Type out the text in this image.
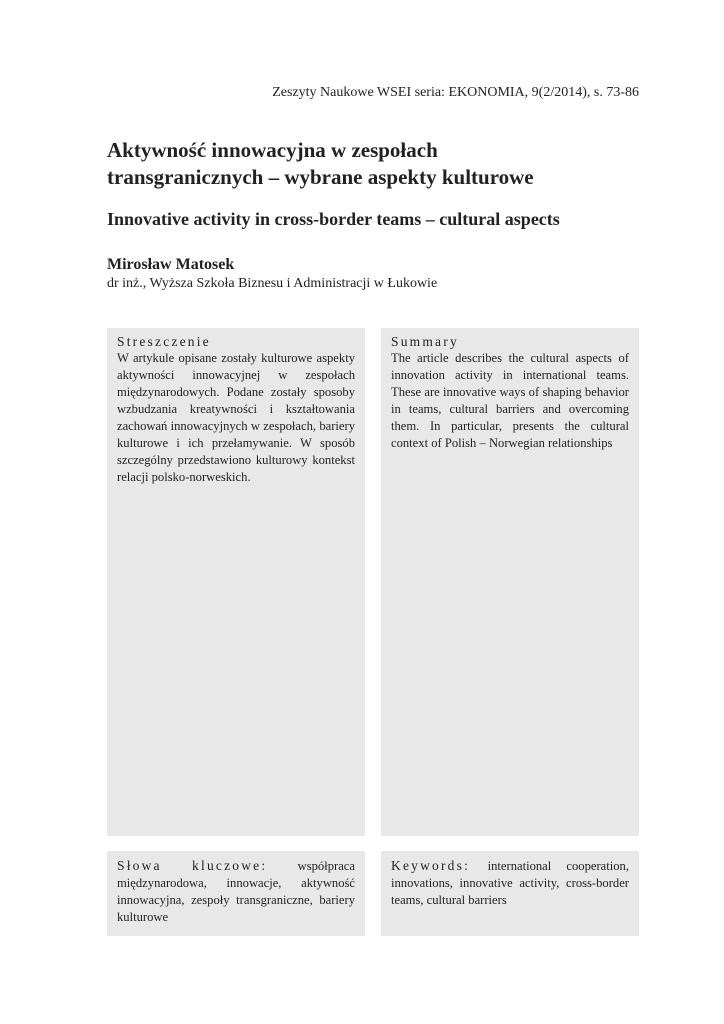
Zeszyty Naukowe WSEI seria: EKONOMIA, 9(2/2014), s. 73-86
Aktywność innowacyjna w zespołach
transgranicznych – wybrane aspekty kulturowe
Innovative activity in cross-border teams – cultural aspects
Mirosław Matosek
dr inż., Wyższa Szkoła Biznesu i Administracji w Łukowie
Streszczenie
W artykule opisane zostały kulturowe aspekty aktywności innowacyjnej w zespołach międzynarodowych. Podane zostały sposoby wzbudzania kreatywności i kształtowania zachowań innowacyjnych w zespołach, bariery kulturowe i ich przełamywanie. W sposób szczególny przedstawiono kulturowy kontekst relacji polsko-norweskich.
Summary
The article describes the cultural aspects of innovation activity in international teams. These are innovative ways of shaping behavior in teams, cultural barriers and overcoming them. In particular, presents the cultural context of Polish – Norwegian relationships
Słowa kluczowe: współpraca międzynarodowa, innowacje, aktywność innowacyjna, zespoły transgraniczne, bariery kulturowe
Keywords: international cooperation, innovations, innovative activity, cross-border teams, cultural barriers
